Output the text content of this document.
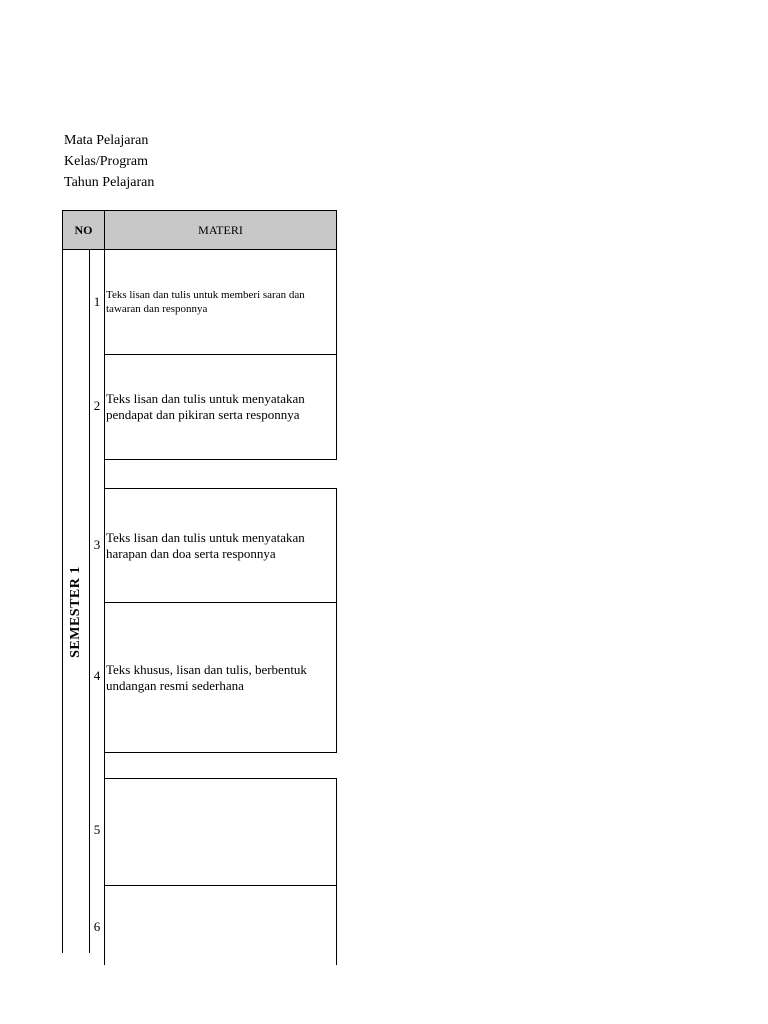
Mata Pelajaran
Kelas/Program
Tahun Pelajaran
NO	MATERI
SEMESTER 1
1
2
3
4
5
6
Teks lisan dan tulis untuk memberi saran dan tawaran dan responnya
Teks lisan dan tulis untuk menyatakan pendapat dan pikiran serta responnya
Teks lisan dan tulis untuk menyatakan harapan dan doa serta responnya
Teks khusus, lisan dan tulis, berbentuk undangan resmi sederhana
